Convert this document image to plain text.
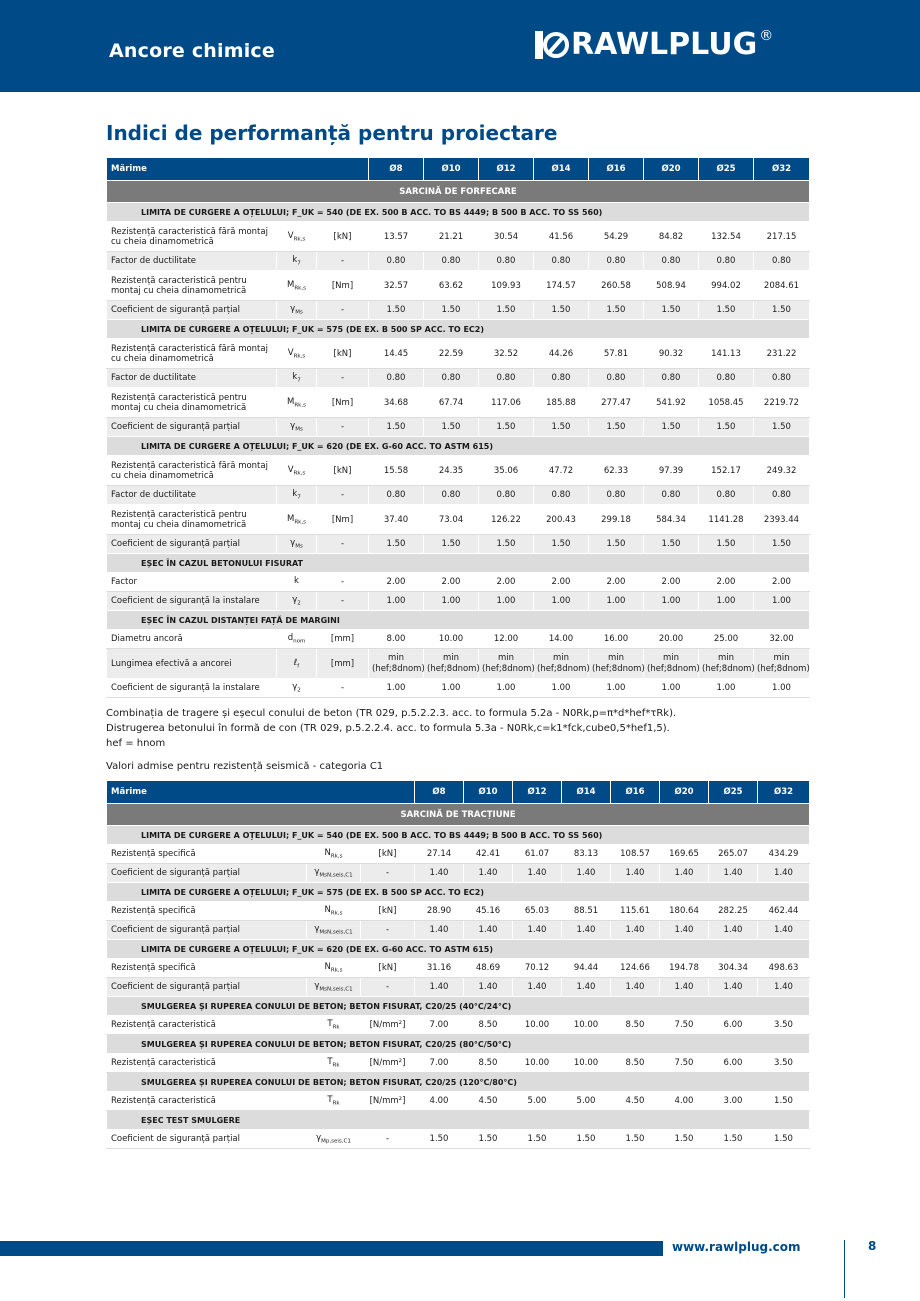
Ancore chimice	RAWLPLUG ®
Indici de performanță pentru proiectare
Mărime			Ø8	Ø10	Ø12	Ø14	Ø16	Ø20	Ø25	Ø32
SARCINĂ DE FORFECARE										
LIMITA DE CURGERE A OȚELULUI; F_UK = 540 (DE EX. 500 B ACC. TO BS 4449; B 500 B ACC. TO SS 560)										
Rezistență caracteristică fără montaj cu cheia dinamometrică	$V_{Rk,s}$	[kN]	13.57	21.21	30.54	41.56	54.29	84.82	132.54	217.15
Factor de ductilitate	$k_7$	-	0.80	0.80	0.80	0.80	0.80	0.80	0.80	0.80
Rezistență caracteristică pentru montaj cu cheia dinamometrică	$M_{Rk,s}$	[Nm]	32.57	63.62	109.93	174.57	260.58	508.94	994.02	2084.61
Coeficient de siguranță parțial	$\gamma_{Ms}$	-	1.50	1.50	1.50	1.50	1.50	1.50	1.50	1.50
LIMITA DE CURGERE A OȚELULUI; F_UK = 575 (DE EX. B 500 SP ACC. TO EC2)										
Rezistență caracteristică fără montaj cu cheia dinamometrică	$V_{Rk,s}$	[kN]	14.45	22.59	32.52	44.26	57.81	90.32	141.13	231.22
Factor de ductilitate	$k_7$	-	0.80	0.80	0.80	0.80	0.80	0.80	0.80	0.80
Rezistență caracteristică pentru montaj cu cheia dinamometrică	$M_{Rk,s}$	[Nm]	34.68	67.74	117.06	185.88	277.47	541.92	1058.45	2219.72
Coeficient de siguranță parțial	$\gamma_{Ms}$	-	1.50	1.50	1.50	1.50	1.50	1.50	1.50	1.50
LIMITA DE CURGERE A OȚELULUI; F_UK = 620 (DE EX. G-60 ACC. TO ASTM 615)										
Rezistență caracteristică fără montaj cu cheia dinamometrică	$V_{Rk,s}$	[kN]	15.58	24.35	35.06	47.72	62.33	97.39	152.17	249.32
Factor de ductilitate	$k_7$	-	0.80	0.80	0.80	0.80	0.80	0.80	0.80	0.80
Rezistență caracteristică pentru montaj cu cheia dinamometrică	$M_{Rk,s}$	[Nm]	37.40	73.04	126.22	200.43	299.18	584.34	1141.28	2393.44
Coeficient de siguranță parțial	$\gamma_{Ms}$	-	1.50	1.50	1.50	1.50	1.50	1.50	1.50	1.50
EȘEC ÎN CAZUL BETONULUI FISURAT										
Factor	k	-	2.00	2.00	2.00	2.00	2.00	2.00	2.00	2.00
Coeficient de siguranță la instalare	$\gamma_2$	-	1.00	1.00	1.00	1.00	1.00	1.00	1.00	1.00
EȘEC ÎN CAZUL DISTANȚEI FAȚĂ DE MARGINI										
Diametru ancoră	$d_{nom}$	[mm]	8.00	10.00	12.00	14.00	16.00	20.00	25.00	32.00
Lungimea efectivă a ancorei	ℓ$_f$	[mm]	min (hef;8dnom)	min (hef;8dnom)	min (hef;8dnom)	min (hef;8dnom)	min (hef;8dnom)	min (hef;8dnom)	min (hef;8dnom)	min (hef;8dnom)
Coeficient de siguranță la instalare	$\gamma_2$	-	1.00	1.00	1.00	1.00	1.00	1.00	1.00	1.00
Combinația de tragere și eșecul conului de beton (TR 029, p.5.2.2.3. acc. to formula 5.2a - N0Rk,p=π*d*hef*τRk).
Distrugerea betonului în formă de con (TR 029, p.5.2.2.4. acc. to formula 5.3a - N0Rk,c=k1*fck,cube0,5*hef1,5).
hef = hnom
Valori admise pentru rezistență seismică - categoria C1
Mărime			Ø8	Ø10	Ø12	Ø14	Ø16	Ø20	Ø25	Ø32
SARCINĂ DE TRACȚIUNE										
LIMITA DE CURGERE A OȚELULUI; F_UK = 540 (DE EX. 500 B ACC. TO BS 4449; B 500 B ACC. TO SS 560)										
Rezistență specifică	$N_{Rk,s}$	[kN]	27.14	42.41	61.07	83.13	108.57	169.65	265.07	434.29
Coeficient de siguranță parțial	$\gamma_{MsN,seis,C1}$	-	1.40	1.40	1.40	1.40	1.40	1.40	1.40	1.40
LIMITA DE CURGERE A OȚELULUI; F_UK = 575 (DE EX. B 500 SP ACC. TO EC2)										
Rezistență specifică	$N_{Rk,s}$	[kN]	28.90	45.16	65.03	88.51	115.61	180.64	282.25	462.44
Coeficient de siguranță parțial	$\gamma_{MsN,seis,C1}$	-	1.40	1.40	1.40	1.40	1.40	1.40	1.40	1.40
LIMITA DE CURGERE A OȚELULUI; F_UK = 620 (DE EX. G-60 ACC. TO ASTM 615)										
Rezistență specifică	$N_{Rk,s}$	[kN]	31.16	48.69	70.12	94.44	124.66	194.78	304.34	498.63
Coeficient de siguranță parțial	$\gamma_{MsN,seis,C1}$	-	1.40	1.40	1.40	1.40	1.40	1.40	1.40	1.40
SMULGEREA ȘI RUPEREA CONULUI DE BETON; BETON FISURAT, C20/25 (40°C/24°C)										
Rezistență caracteristică	$T_{Rk}$	[N/mm²]	7.00	8.50	10.00	10.00	8.50	7.50	6.00	3.50
SMULGEREA ȘI RUPEREA CONULUI DE BETON; BETON FISURAT, C20/25 (80°C/50°C)										
Rezistență caracteristică	$T_{Rk}$	[N/mm²]	7.00	8.50	10.00	10.00	8.50	7.50	6.00	3.50
SMULGEREA ȘI RUPEREA CONULUI DE BETON; BETON FISURAT, C20/25 (120°C/80°C)										
Rezistență caracteristică	$T_{Rk}$	[N/mm²]	4.00	4.50	5.00	5.00	4.50	4.00	3.00	1.50
EȘEC TEST SMULGERE										
Coeficient de siguranță parțial	$\gamma_{Mp,seis,C1}$	-	1.50	1.50	1.50	1.50	1.50	1.50	1.50	1.50
www.rawlplug.com	8
